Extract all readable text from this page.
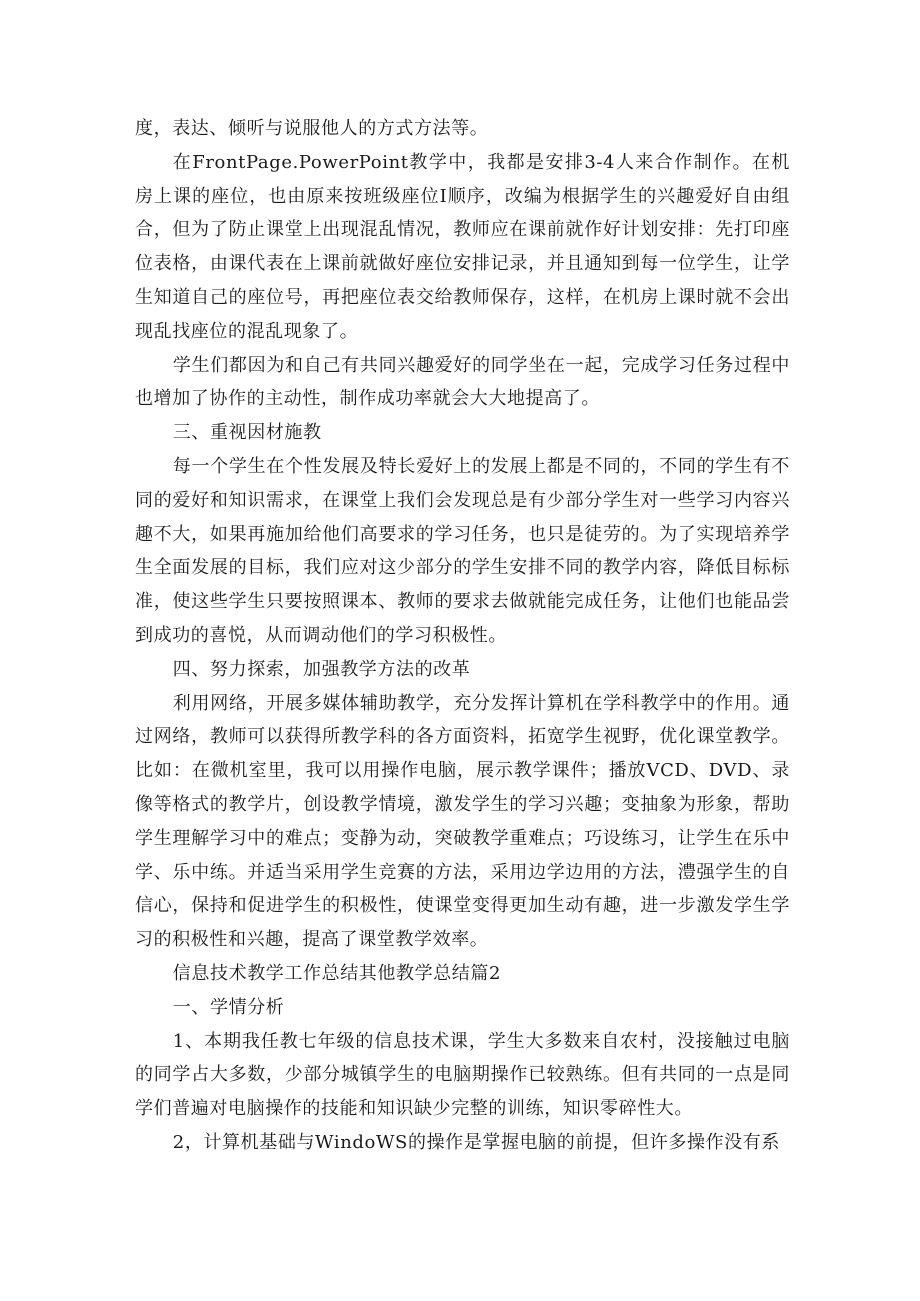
度，表达、倾听与说服他人的方式方法等。

在FrontPage.PowerPoint教学中，我都是安排3-4人来合作制作。在机房上课的座位，也由原来按班级座位I顺序，改编为根据学生的兴趣爱好自由组合，但为了防止课堂上出现混乱情况，教师应在课前就作好计划安排：先打印座位表格，由课代表在上课前就做好座位安排记录，并且通知到每一位学生，让学生知道自己的座位号，再把座位表交给教师保存，这样，在机房上课时就不会出现乱找座位的混乱现象了。

学生们都因为和自己有共同兴趣爱好的同学坐在一起，完成学习任务过程中也增加了协作的主动性，制作成功率就会大大地提高了。

三、重视因材施教

每一个学生在个性发展及特长爱好上的发展上都是不同的，不同的学生有不同的爱好和知识需求，在课堂上我们会发现总是有少部分学生对一些学习内容兴趣不大，如果再施加给他们高要求的学习任务，也只是徒劳的。为了实现培养学生全面发展的目标，我们应对这少部分的学生安排不同的教学内容，降低目标标准，使这些学生只要按照课本、教师的要求去做就能完成任务，让他们也能品尝到成功的喜悦，从而调动他们的学习积极性。

四、努力探索，加强教学方法的改革

利用网络，开展多媒体辅助教学，充分发挥计算机在学科教学中的作用。通过网络，教师可以获得所教学科的各方面资料，拓宽学生视野，优化课堂教学。比如：在微机室里，我可以用操作电脑，展示教学课件；播放VCD、DVD、录像等格式的教学片，创设教学情境，激发学生的学习兴趣；变抽象为形象，帮助学生理解学习中的难点；变静为动，突破教学重难点；巧设练习，让学生在乐中学、乐中练。并适当采用学生竞赛的方法，采用边学边用的方法，澧强学生的自信心，保持和促进学生的积极性，使课堂变得更加生动有趣，进一步激发学生学习的积极性和兴趣，提高了课堂教学效率。

信息技术教学工作总结其他教学总结篇2

一、学情分析

1、本期我任教七年级的信息技术课，学生大多数来自农村，没接触过电脑的同学占大多数，少部分城镇学生的电脑期操作已较熟练。但有共同的一点是同学们普遍对电脑操作的技能和知识缺少完整的训练，知识零碎性大。

2，计算机基础与WindoWS的操作是掌握电脑的前提，但许多操作没有系
